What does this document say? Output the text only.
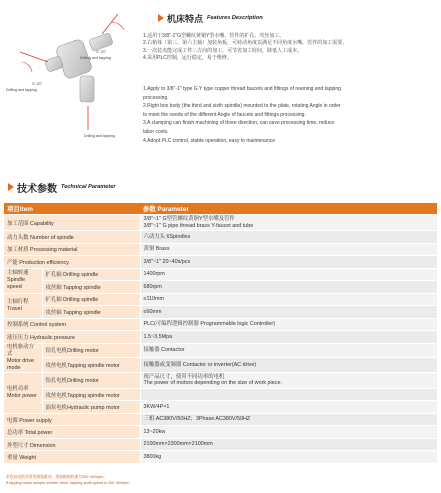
3°-20°
Drilling and tapping
Drilling and tapping
3°-20°
Drilling and tapping
机床特点 Features Description
1.适用于3/8"-1"G型螺纹黄铜Y型水嘴、管件的扩孔、攻丝加工。
2.右箱体（第三、第六主轴）加装角板，可转动角度以满足不同角度水嘴、管件的加工需要。
3.一次装夹能完成工件三方向的加工，可节省加工时间，降低人工成本。
4.采用PLC控制，运行稳定，易于维修。
1.Apply to 3/8"-1" type G Y type copper thread faucets and fittings of reaming and tapping
processing.
2.Right box body (the third and sixth spindle) mounted to the plate, rotating Angle in order
to meet the needs of the different Angle of faucets and fittings processing.
3.A clamping can finish machining of three direction, can save processing time, reduce
labor costs.
4.Adopt PLC control, stable operation, easy to maintenance
技术参数 Technical Parameter
项目Item		参数 Parameter
加工范围 Capability		3/8"~1" G型管螺纹黄铜Y型水嘴及管件
3/8"~1" G pipe thread brass Y-faucet and tube
动力头数 Number of spindle		六动力头 6Spindles
加工材质 Processing material		黄铜 Brass
产能 Production efficiency		3/8"~1" 20~40s/pcs
主轴转速
Spindle speed	扩孔轴 Drilling spindle	1400rpm
	攻丝轴 Tapping spindle	680rpm
主轴行程 Travel	扩孔轴 Drilling spindle	≤110mm
	攻丝轴 Tapping spindle	≤60mm
控制系统 Control system		PLC(可编程逻辑控制器 Programmable logic Controller)
液压压力 Hydraulic pressure		1.5~3.5Mpa
电机驱动方式
Motor drive mode	钻孔电机Drilling motor	接触器 Contactor
	攻丝电机Tapping spindle motor	接触器或变频器 Contactor or inverter(AC drive)
电机功率
Motor power	钻孔电机Drilling motor	视产品尺寸，使用不同功率的电机
The power of motors depending on the size of work piece.
	攻丝电机Tapping spindle motor	
	油泵电机Hydraulic pump motor	3KW/4P×1
电源 Power supply		三相 AC380V/50HZ；3Phase AC380V/50HZ
总功率 Total power		13~20kw
外型尺寸 Dimension		2100mm×2300mm×2100mm
重量 Weight		3800kg
若攻丝电机采用变频器驱动，攻丝轴的转速为200~800rpm。
If tapping motor adopts inverter drive, tapping shaft speed is 200~800rpm
